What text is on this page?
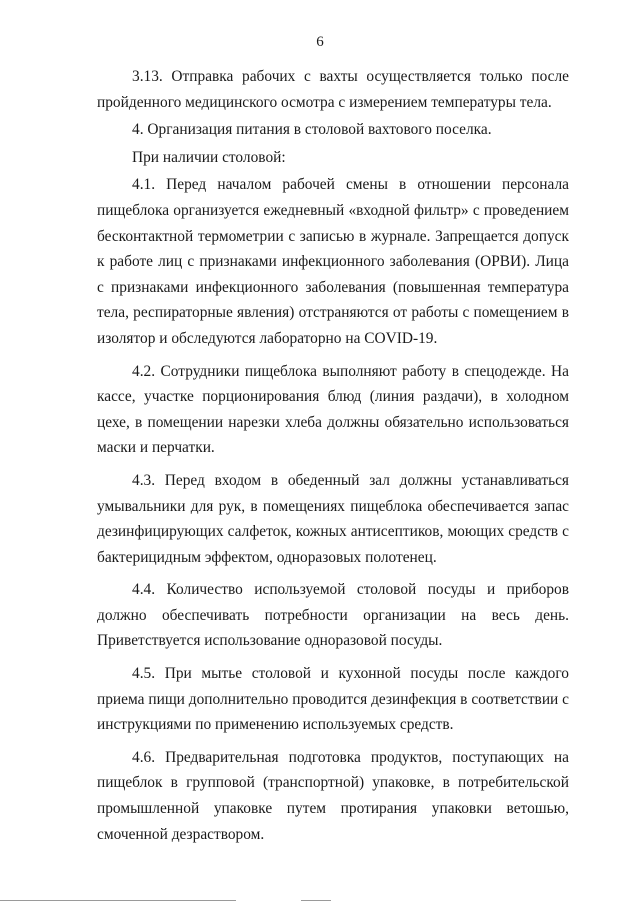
6

3.13. Отправка рабочих с вахты осуществляется только после пройденного медицинского осмотра с измерением температуры тела.

4. Организация питания в столовой вахтового поселка.

При наличии столовой:

4.1. Перед началом рабочей смены в отношении персонала пищеблока организуется ежедневный «входной фильтр» с проведением бесконтактной термометрии с записью в журнале. Запрещается допуск к работе лиц с признаками инфекционного заболевания (ОРВИ). Лица с признаками инфекционного заболевания (повышенная температура тела, респираторные явления) отстраняются от работы с помещением в изолятор и обследуются лабораторно на COVID-19.

4.2. Сотрудники пищеблока выполняют работу в спецодежде. На кассе, участке порционирования блюд (линия раздачи), в холодном цехе, в помещении нарезки хлеба должны обязательно использоваться маски и перчатки.

4.3. Перед входом в обеденный зал должны устанавливаться умывальники для рук, в помещениях пищеблока обеспечивается запас дезинфицирующих салфеток, кожных антисептиков, моющих средств с бактерицидным эффектом, одноразовых полотенец.

4.4. Количество используемой столовой посуды и приборов должно обеспечивать потребности организации на весь день. Приветствуется использование одноразовой посуды.

4.5. При мытье столовой и кухонной посуды после каждого приема пищи дополнительно проводится дезинфекция в соответствии с инструкциями по применению используемых средств.

4.6. Предварительная подготовка продуктов, поступающих на пищеблок в групповой (транспортной) упаковке, в потребительской промышленной упаковке путем протирания упаковки ветошью, смоченной дезраствором.
